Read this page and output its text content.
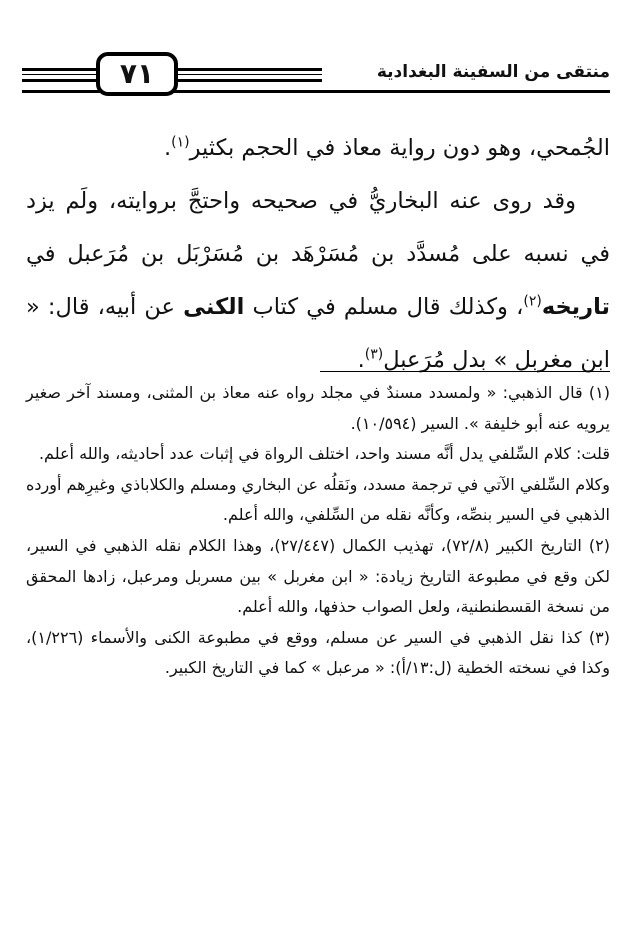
٧١	منتقى من السفينة البغدادية

الجُمحي، وهو دون رواية معاذ في الحجم بكثير$^{(١)}$.

وقد روى عنه البخاريُّ في صحيحه واحتجَّ بروايته، ولَم يزد في نسبه على مُسدَّد بن مُسَرْهَد بن مُسَرْبَل بن مُرَعبل في تاريخه$^{(٢)}$، وكذلك قال مسلم في كتاب الكنى عن أبيه، قال: « ابن مغربل » بدل مُرَعبل$^{(٣)}$.

(١) قال الذهبي: « ولمسدد مسندٌ في مجلد رواه عنه معاذ بن المثنى، ومسند آخر صغير يرويه عنه أبو خليفة ». السير (١٠/٥٩٤).

قلت: كلام السِّلفي يدل أنَّه مسند واحد، اختلف الرواة في إثبات عدد أحاديثه، والله أعلم.

وكلام السِّلفي الآتي في ترجمة مسدد، ونَقلُه عن البخاري ومسلم والكلاباذي وغيرِهم أورده الذهبي في السير بنصِّه، وكأنَّه نقله من السِّلفي، والله أعلم.

(٢) التاريخ الكبير (٧٢/٨)، تهذيب الكمال (٢٧/٤٤٧)، وهذا الكلام نقله الذهبي في السير، لكن وقع في مطبوعة التاريخ زيادة: « ابن مغربل » بين مسربل ومرعبل، زادها المحقق من نسخة القسطنطنية، ولعل الصواب حذفها، والله أعلم.

(٣) كذا نقل الذهبي في السير عن مسلم، ووقع في مطبوعة الكنى والأسماء (١/٢٢٦)، وكذا في نسخته الخطية (ل:١٣/أ): « مرعبل » كما في التاريخ الكبير.
